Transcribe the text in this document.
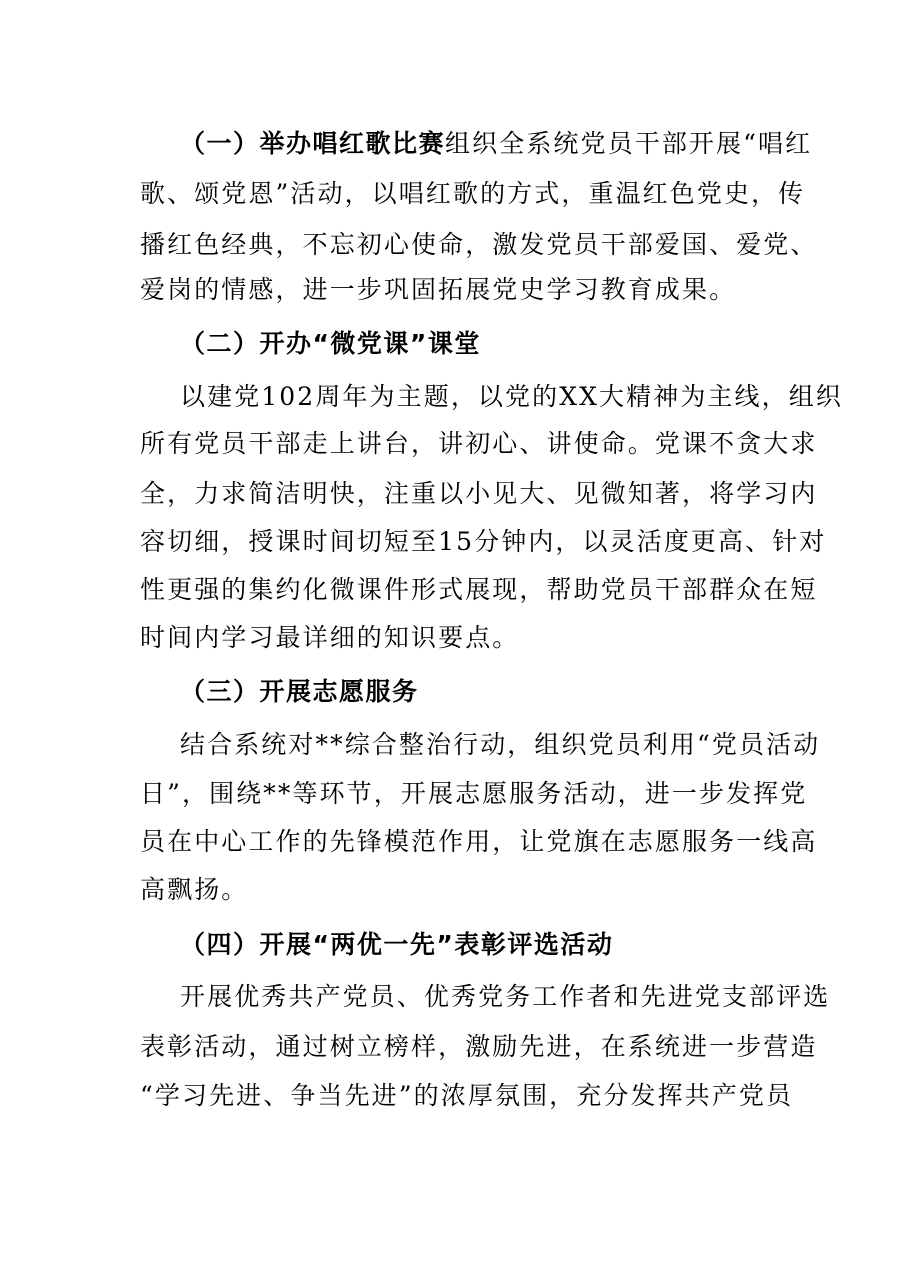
（一）举办唱红歌比赛组织全系统党员干部开展“唱红
歌、颂党恩”活动，以唱红歌的方式，重温红色党史，传
播红色经典，不忘初心使命，激发党员干部爱国、爱党、
爱岗的情感，进一步巩固拓展党史学习教育成果。
（二）开办“微党课”课堂
以建党102周年为主题，以党的XX大精神为主线，组织
所有党员干部走上讲台，讲初心、讲使命。党课不贪大求
全，力求简洁明快，注重以小见大、见微知著，将学习内
容切细，授课时间切短至15分钟内，以灵活度更高、针对
性更强的集约化微课件形式展现，帮助党员干部群众在短
时间内学习最详细的知识要点。
（三）开展志愿服务
结合系统对**综合整治行动，组织党员利用“党员活动
日”，围绕**等环节，开展志愿服务活动，进一步发挥党
员在中心工作的先锋模范作用，让党旗在志愿服务一线高
高飘扬。
（四）开展“两优一先”表彰评选活动
开展优秀共产党员、优秀党务工作者和先进党支部评选
表彰活动，通过树立榜样，激励先进，在系统进一步营造
“学习先进、争当先进”的浓厚氛围，充分发挥共产党员
